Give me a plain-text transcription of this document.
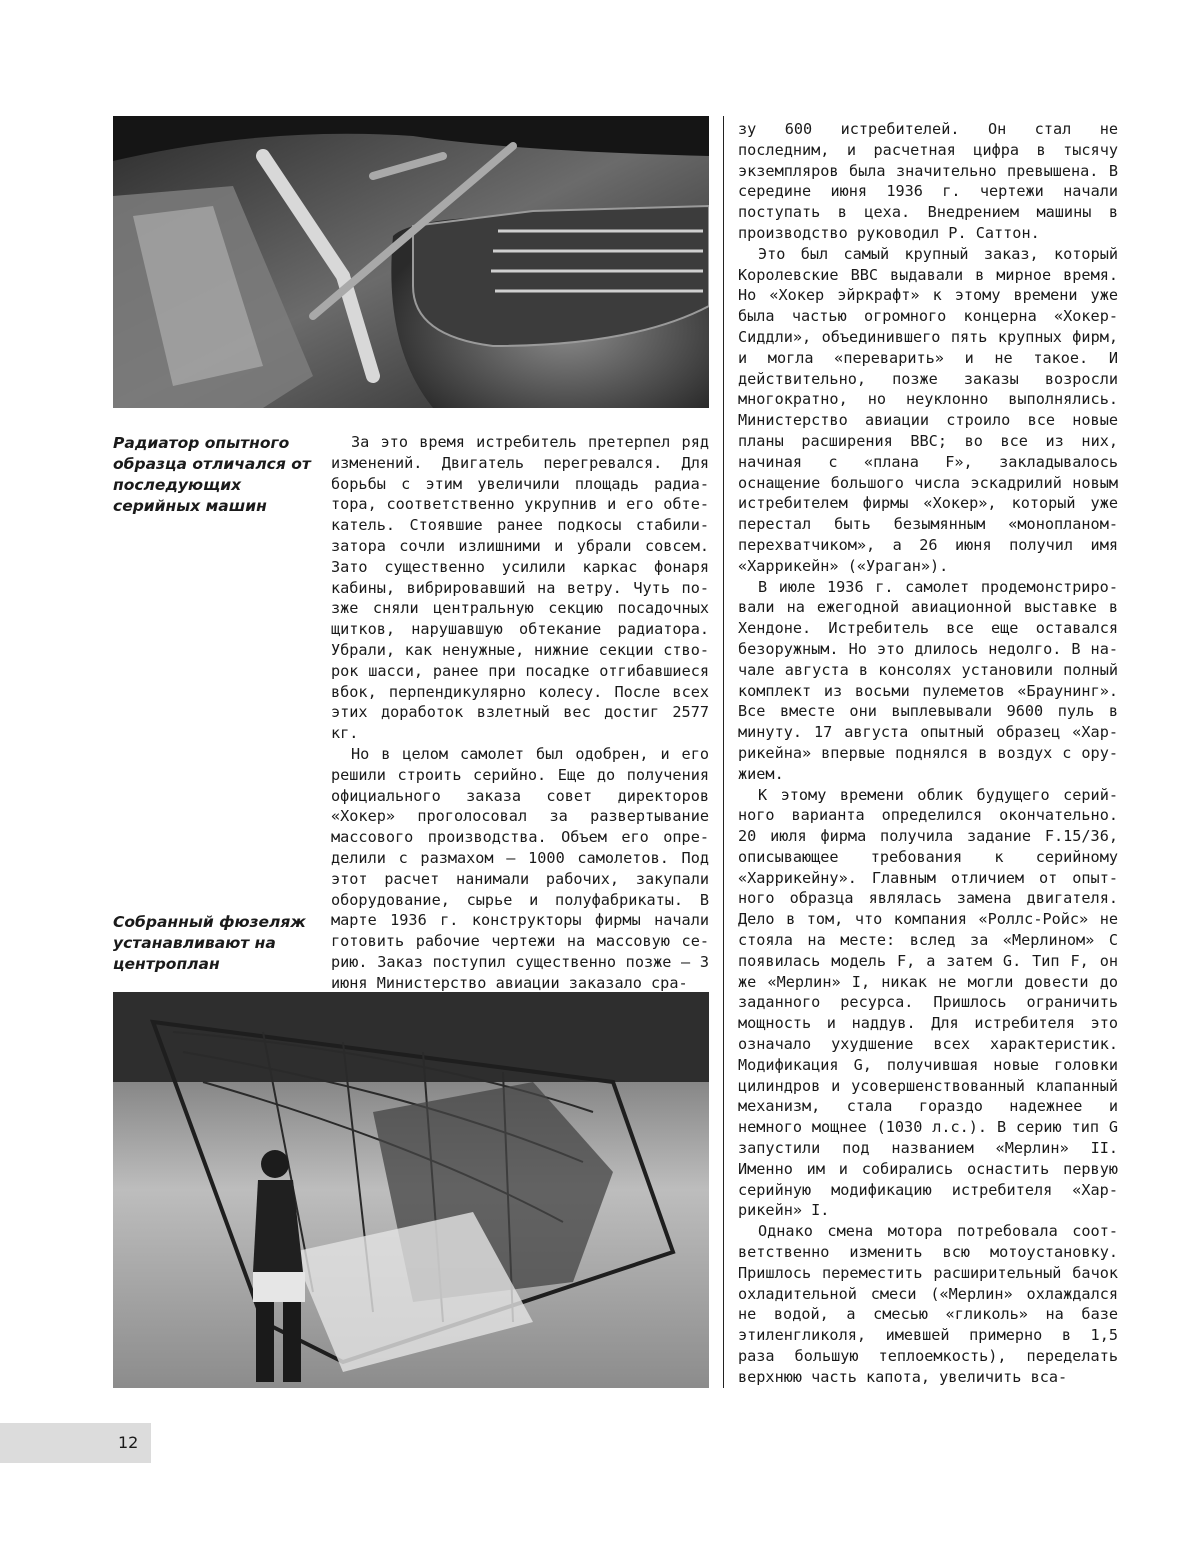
Радиатор опытного образца отличался от последующих серийных машин
Собранный фюзеляж устанавливают на центроплан

За это время истребитель претерпел ряд изменений. Двигатель перегревался. Для борьбы с этим увеличили площадь радиатора, соответственно укрупнив и его обтекатель. Стоявшие ранее подкосы стабилизатора сочли излишними и убрали совсем. Зато существенно усилили каркас фонаря кабины, вибрировавший на ветру. Чуть позже сняли центральную секцию посадочных щитков, нарушавшую обтекание радиатора. Убрали, как ненужные, нижние секции створок шасси, ранее при посадке отгибавшиеся вбок, перпендикулярно колесу. После всех этих доработок взлетный вес достиг 2577 кг.

Но в целом самолет был одобрен, и его решили строить серийно. Еще до получения официального заказа совет директоров «Хокер» проголосовал за развертывание массового производства. Объем его определили с размахом — 1000 самолетов. Под этот расчет нанимали рабочих, закупали оборудование, сырье и полуфабрикаты. В марте 1936 г. конструкторы фирмы начали готовить рабочие чертежи на массовую серию. Заказ поступил существенно позже — 3 июня Министерство авиации заказало сра-

зу 600 истребителей. Он стал не последним, и расчетная цифра в тысячу экземпляров была значительно превышена. В середине июня 1936 г. чертежи начали поступать в цеха. Внедрением машины в производство руководил Р. Саттон.

Это был самый крупный заказ, который Королевские ВВС выдавали в мирное время. Но «Хокер эйркрафт» к этому времени уже была частью огромного концерна «Хокер-Сиддли», объединившего пять крупных фирм, и могла «переварить» и не такое. И действительно, позже заказы возросли многократно, но неуклонно выполнялись. Министерство авиации строило все новые планы расширения ВВС; во все из них, начиная с «плана F», закладывалось оснащение большого числа эскадрилий новым истребителем фирмы «Хокер», который уже перестал быть безымянным «монопланом-перехватчиком», а 26 июня получил имя «Харрикейн» («Ураган»).

В июле 1936 г. самолет продемонстрировали на ежегодной авиационной выставке в Хендоне. Истребитель все еще оставался безоружным. Но это длилось недолго. В начале августа в консолях установили полный комплект из восьми пулеметов «Браунинг». Все вместе они выплевывали 9600 пуль в минуту. 17 августа опытный образец «Харрикейна» впервые поднялся в воздух с оружием.

К этому времени облик будущего серийного варианта определился окончательно. 20 июля фирма получила задание F.15/36, описывающее требования к серийному «Харрикейну». Главным отличием от опытного образца являлась замена двигателя. Дело в том, что компания «Роллс-Ройс» не стояла на месте: вслед за «Мерлином» C появилась модель F, а затем G. Тип F, он же «Мерлин» I, никак не могли довести до заданного ресурса. Пришлось ограничить мощность и наддув. Для истребителя это означало ухудшение всех характеристик. Модификация G, получившая новые головки цилиндров и усовершенствованный клапанный механизм, стала гораздо надежнее и немного мощнее (1030 л.с.). В серию тип G запустили под названием «Мерлин» II. Именно им и собирались оснастить первую серийную модификацию истребителя «Харрикейн» I.

Однако смена мотора потребовала соответственно изменить всю мотоустановку. Пришлось переместить расширительный бачок охладительной смеси («Мерлин» охлаждался не водой, а смесью «гликоль» на базе этиленгликоля, имевшей примерно в 1,5 раза большую теплоемкость), переделать верхнюю часть капота, увеличить вса-

12
